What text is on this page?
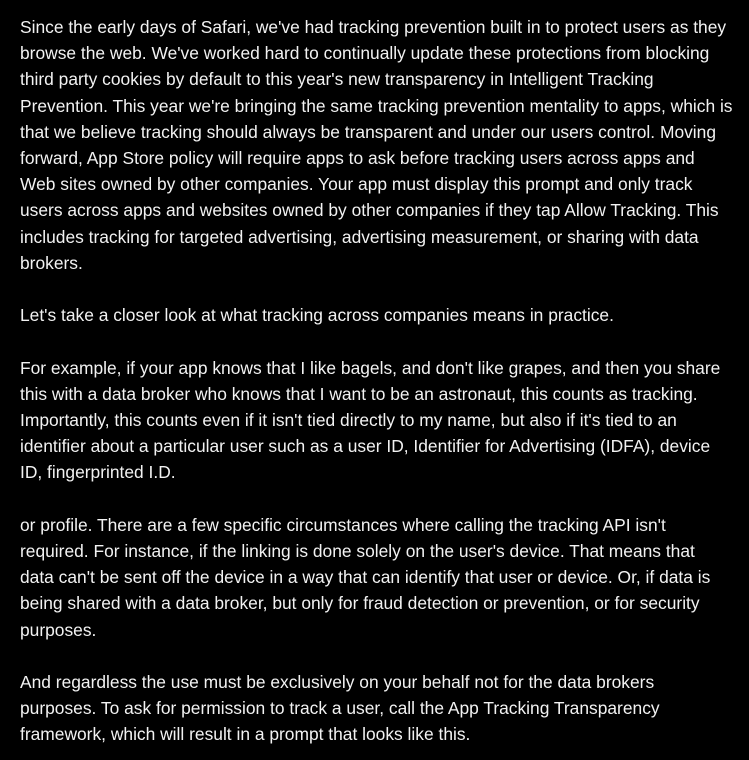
Since the early days of Safari, we've had tracking prevention built in to protect users as they browse the web. We've worked hard to continually update these protections from blocking third party cookies by default to this year's new transparency in Intelligent Tracking Prevention. This year we're bringing the same tracking prevention mentality to apps, which is that we believe tracking should always be transparent and under our users control. Moving forward, App Store policy will require apps to ask before tracking users across apps and Web sites owned by other companies. Your app must display this prompt and only track users across apps and websites owned by other companies if they tap Allow Tracking. This includes tracking for targeted advertising, advertising measurement, or sharing with data brokers.

Let's take a closer look at what tracking across companies means in practice.

For example, if your app knows that I like bagels, and don't like grapes, and then you share this with a data broker who knows that I want to be an astronaut, this counts as tracking. Importantly, this counts even if it isn't tied directly to my name, but also if it's tied to an identifier about a particular user such as a user ID, Identifier for Advertising (IDFA), device ID, fingerprinted I.D.

or profile. There are a few specific circumstances where calling the tracking API isn't required. For instance, if the linking is done solely on the user's device. That means that data can't be sent off the device in a way that can identify that user or device. Or, if data is being shared with a data broker, but only for fraud detection or prevention, or for security purposes.

And regardless the use must be exclusively on your behalf not for the data brokers purposes. To ask for permission to track a user, call the App Tracking Transparency framework, which will result in a prompt that looks like this.
